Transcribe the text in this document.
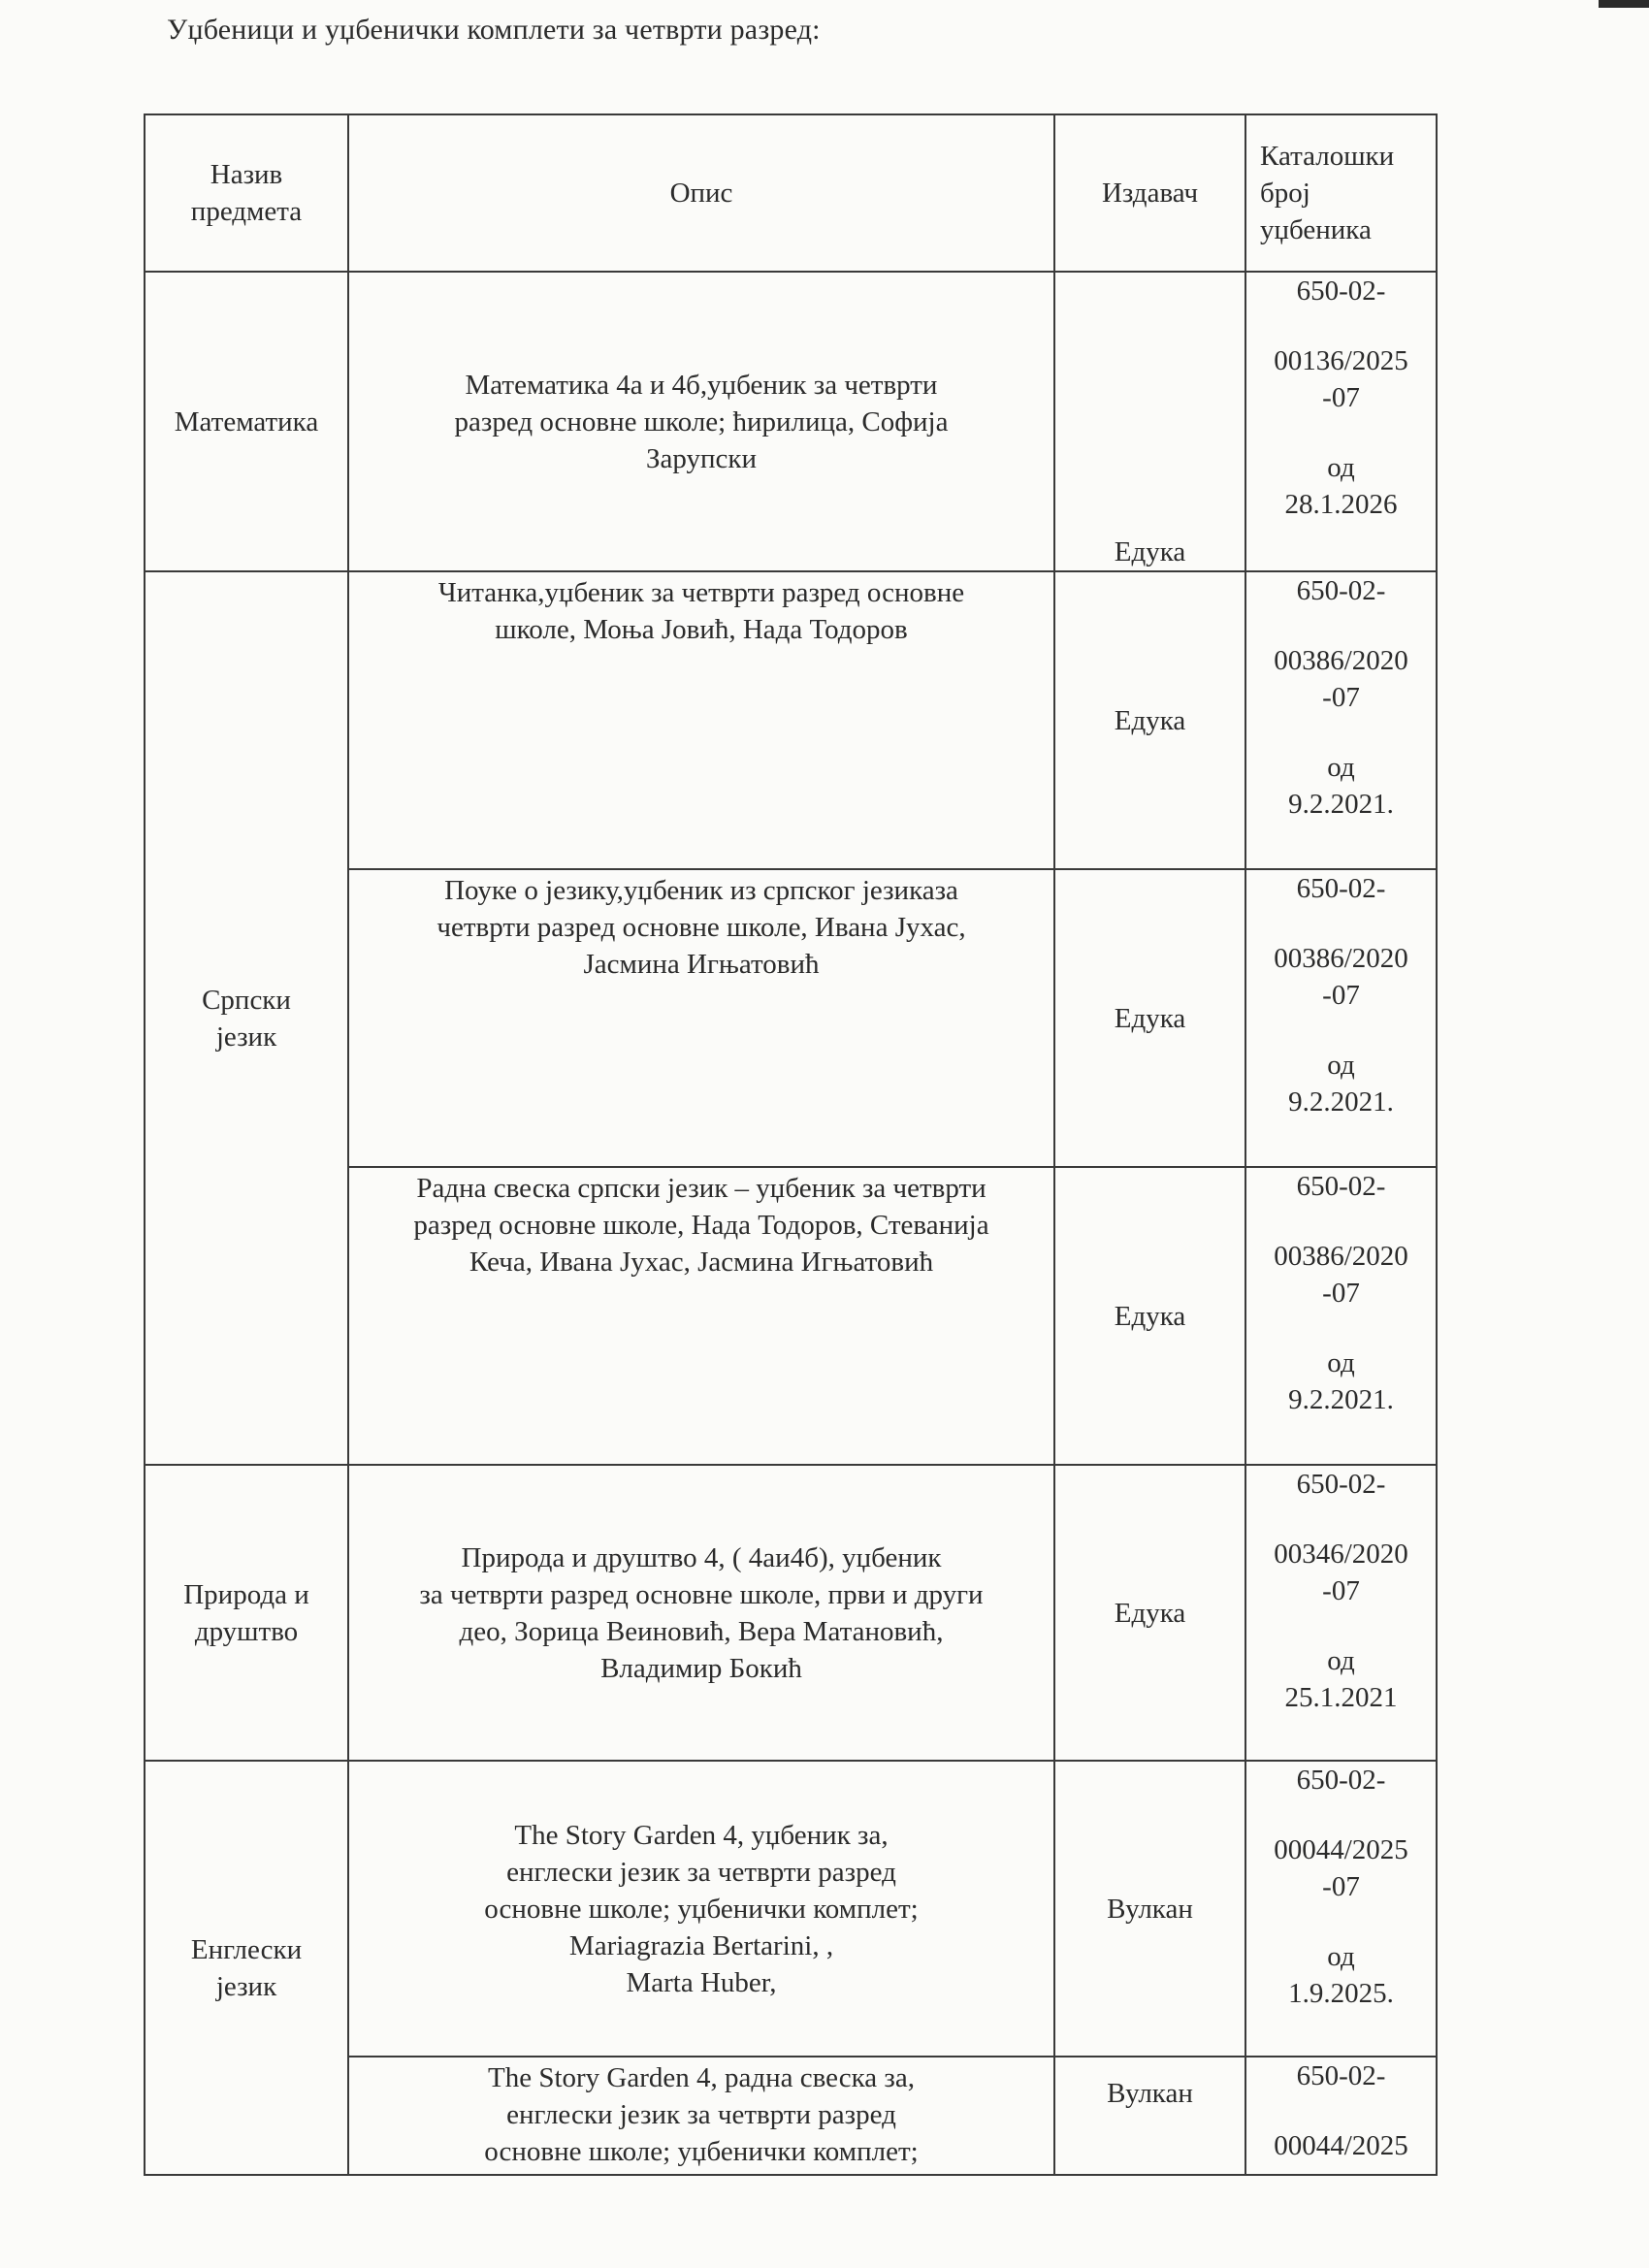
Уџбеници и уџбенички комплети за четврти разред:
Назив
предмета	Опис	Издавач	Каталошки
број
уџбеника

Математика	Математика 4а и 4б,уџбеник за четврти
разред основне школе; ћирилица, Софија
Зарупски	Едука	650-02-
00136/2025
-07
од
28.1.2026

Српски
језик	Читанка,уџбеник за четврти разред основне
школе, Моња Јовић, Нада Тодоров	Едука	650-02-
00386/2020
-07
од
9.2.2021.

	Поуке о језику,уџбеник из српског језиказа
четврти разред основне школе, Ивана Јухас,
Јасмина Игњатовић	Едука	650-02-
00386/2020
-07
од
9.2.2021.

	Радна свеска српски језик – уџбеник за четврти
разред основне школе, Нада Тодоров, Стеванија
Кеча, Ивана Јухас, Јасмина Игњатовић	Едука	650-02-
00386/2020
-07
од
9.2.2021.

Природа и
друштво	Природа и друштво 4, ( 4аи4б), уџбеник
за четврти разред основне школе, први и други
део, Зорица Веиновић, Вера Матановић,
Владимир Бокић	Едука	650-02-
00346/2020
-07
од
25.1.2021

Енглески
језик	The Story Garden 4, уџбеник за,
енглески језик за четврти разред
основне школе; уџбенички комплет;
Mariagrazia Bertarini, ,
Marta Huber,	Вулкан	650-02-
00044/2025
-07
од
1.9.2025.

	The Story Garden 4, радна свеска за,
енглески језик за четврти разред
основне школе; уџбенички комплет;	Вулкан	650-02-
00044/2025
